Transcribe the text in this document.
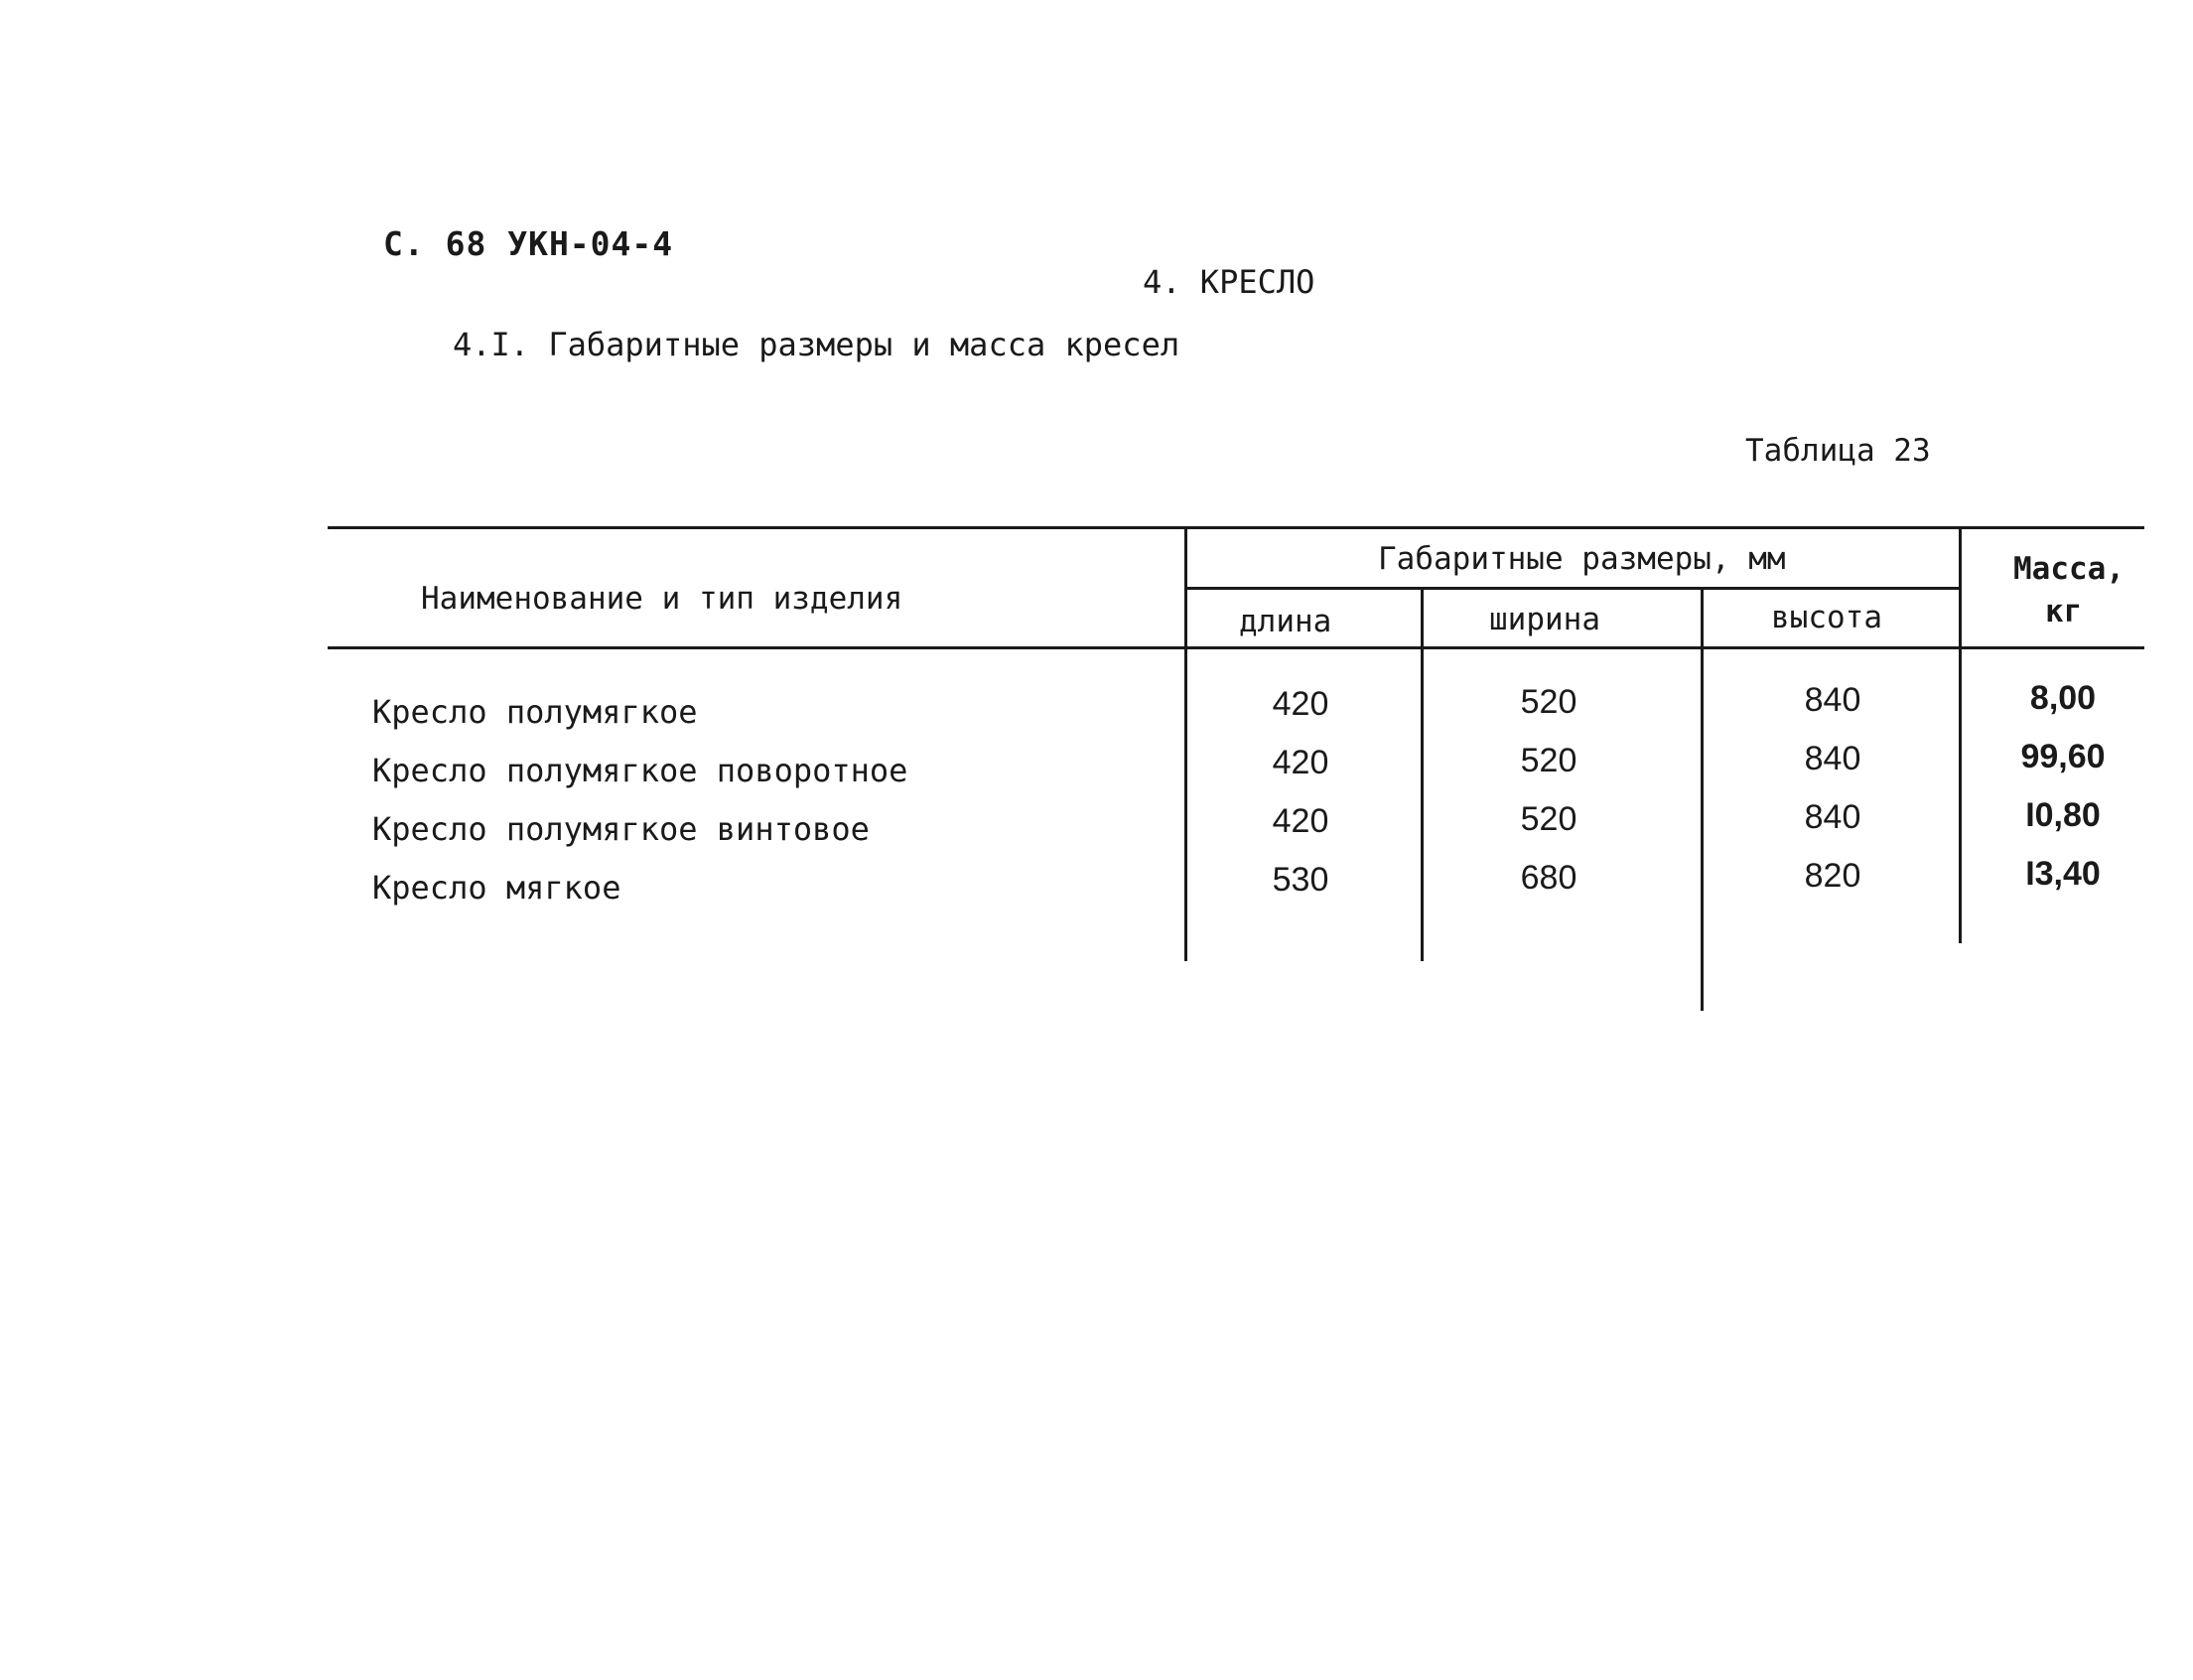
С. 68 УКН-04-4
4. КРЕСЛО
4.I. Габаритные размеры и масса кресел
Таблица 23
Наименование и тип изделия
Габаритные размеры, мм
длина	ширина	высота
Масса,
кг
Кресло полумягкое	420	520	840	8,00
Кресло полумягкое поворотное	420	520	840	99,60
Кресло полумягкое винтовое	420	520	840	I0,80
Кресло мягкое	530	680	820	I3,40
